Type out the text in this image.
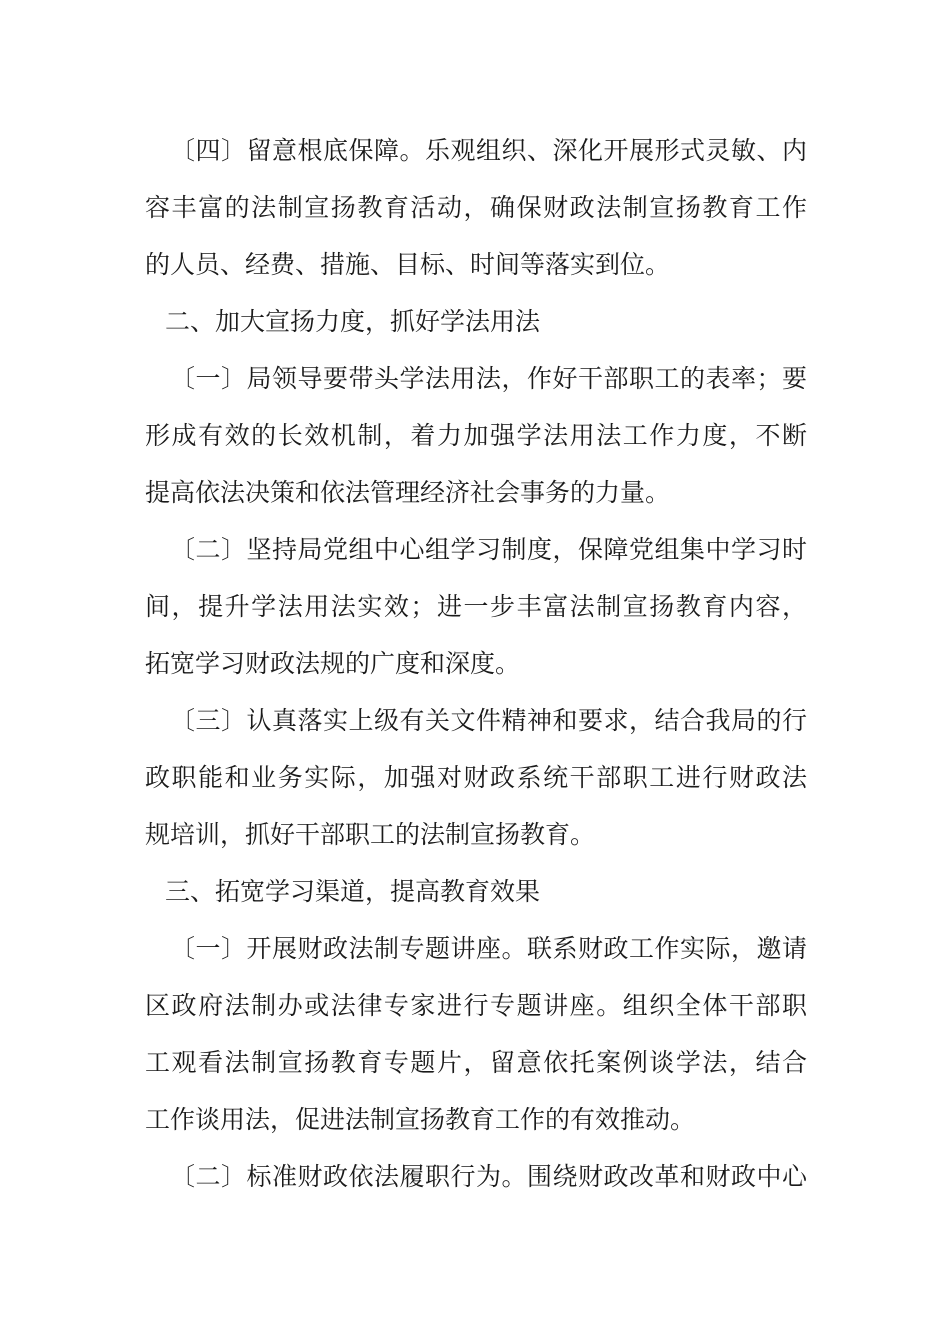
〔四〕留意根底保障。乐观组织、深化开展形式灵敏、内
容丰富的法制宣扬教育活动，确保财政法制宣扬教育工作
的人员、经费、措施、目标、时间等落实到位。
二、加大宣扬力度，抓好学法用法
〔一〕局领导要带头学法用法，作好干部职工的表率；要
形成有效的长效机制，着力加强学法用法工作力度，不断
提高依法决策和依法管理经济社会事务的力量。
〔二〕坚持局党组中心组学习制度，保障党组集中学习时
间，提升学法用法实效；进一步丰富法制宣扬教育内容，
拓宽学习财政法规的广度和深度。
〔三〕认真落实上级有关文件精神和要求，结合我局的行
政职能和业务实际，加强对财政系统干部职工进行财政法
规培训，抓好干部职工的法制宣扬教育。
三、拓宽学习渠道，提高教育效果
〔一〕开展财政法制专题讲座。联系财政工作实际，邀请
区政府法制办或法律专家进行专题讲座。组织全体干部职
工观看法制宣扬教育专题片，留意依托案例谈学法，结合
工作谈用法，促进法制宣扬教育工作的有效推动。
〔二〕标准财政依法履职行为。围绕财政改革和财政中心
